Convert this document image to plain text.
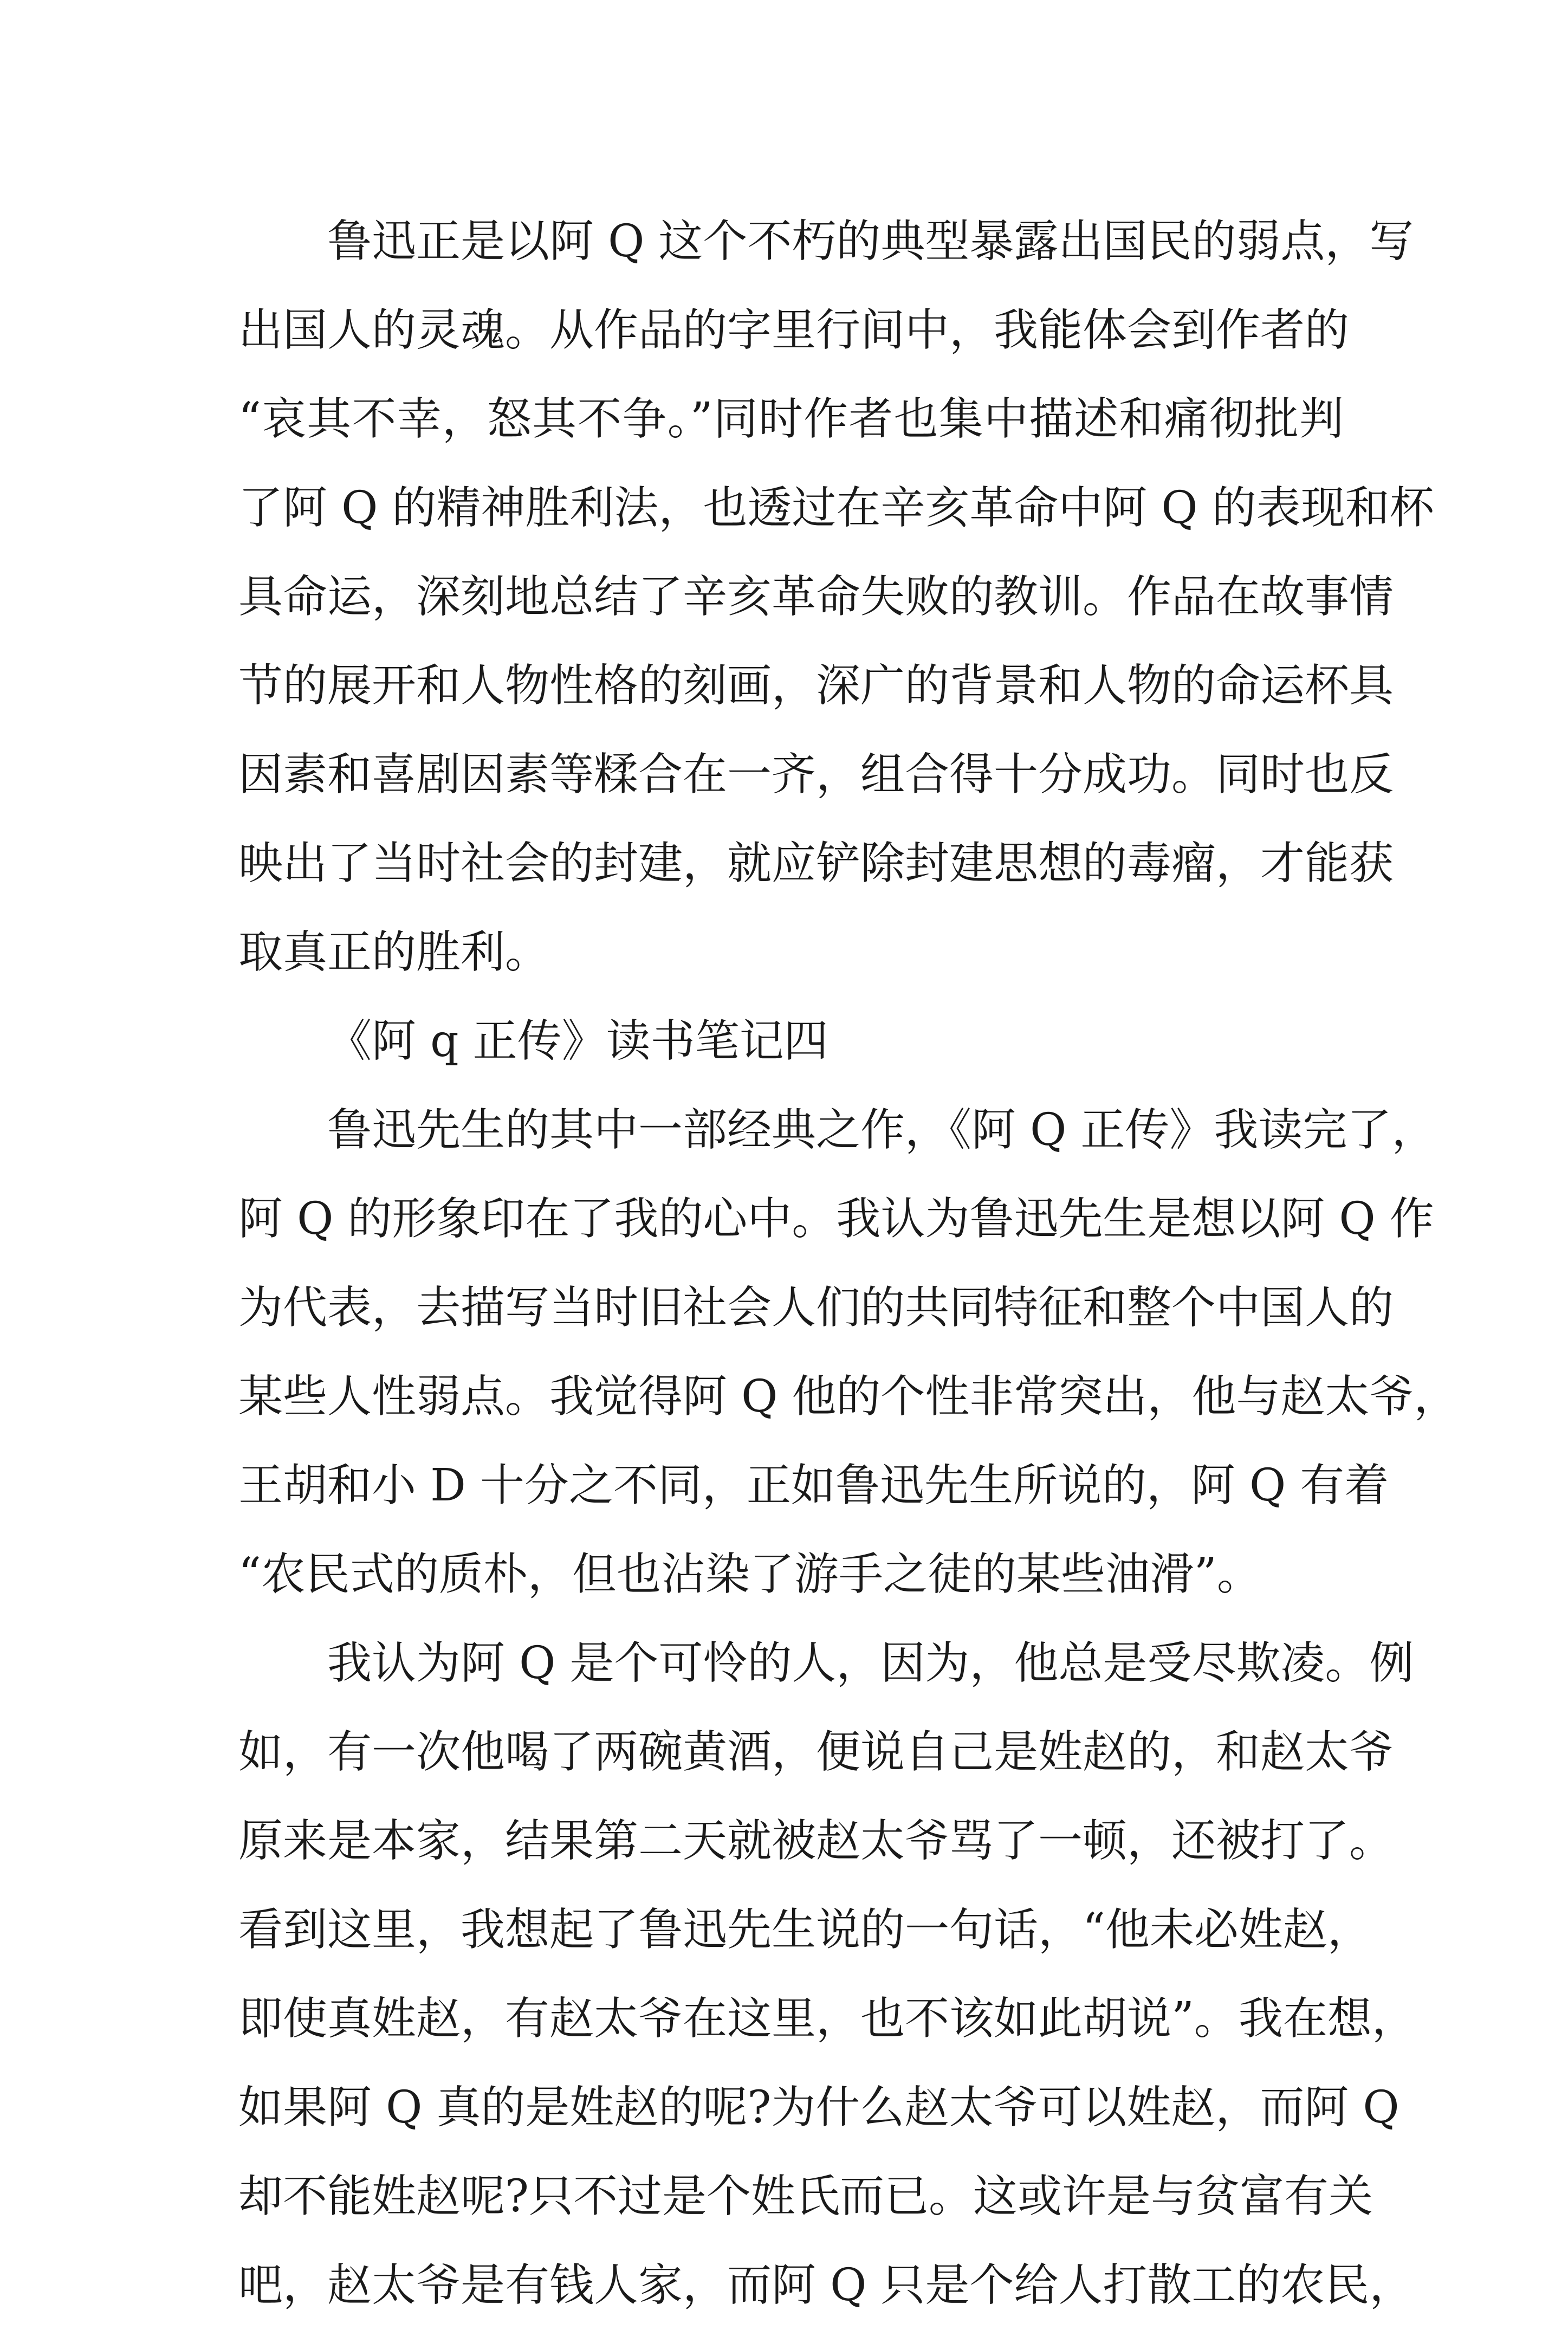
鲁迅正是以阿 Q 这个不朽的典型暴露出国民的弱点，写
出国人的灵魂。从作品的字里行间中，我能体会到作者的
“哀其不幸，怒其不争。”同时作者也集中描述和痛彻批判
了阿 Q 的精神胜利法，也透过在辛亥革命中阿 Q 的表现和杯
具命运，深刻地总结了辛亥革命失败的教训。作品在故事情
节的展开和人物性格的刻画，深广的背景和人物的命运杯具
因素和喜剧因素等糅合在一齐，组合得十分成功。同时也反
映出了当时社会的封建，就应铲除封建思想的毒瘤，才能获
取真正的胜利。
《阿 q 正传》读书笔记四
鲁迅先生的其中一部经典之作，《阿 Q 正传》我读完了，
阿 Q 的形象印在了我的心中。我认为鲁迅先生是想以阿 Q 作
为代表，去描写当时旧社会人们的共同特征和整个中国人的
某些人性弱点。我觉得阿 Q 他的个性非常突出，他与赵太爷，
王胡和小 D 十分之不同，正如鲁迅先生所说的，阿 Q 有着
“农民式的质朴，但也沾染了游手之徒的某些油滑”。
我认为阿 Q 是个可怜的人，因为，他总是受尽欺凌。例
如，有一次他喝了两碗黄酒，便说自己是姓赵的，和赵太爷
原来是本家，结果第二天就被赵太爷骂了一顿，还被打了。
看到这里，我想起了鲁迅先生说的一句话，“他未必姓赵，
即使真姓赵，有赵太爷在这里，也不该如此胡说”。我在想，
如果阿 Q 真的是姓赵的呢?为什么赵太爷可以姓赵，而阿 Q
却不能姓赵呢?只不过是个姓氏而已。这或许是与贫富有关
吧，赵太爷是有钱人家，而阿 Q 只是个给人打散工的农民，
